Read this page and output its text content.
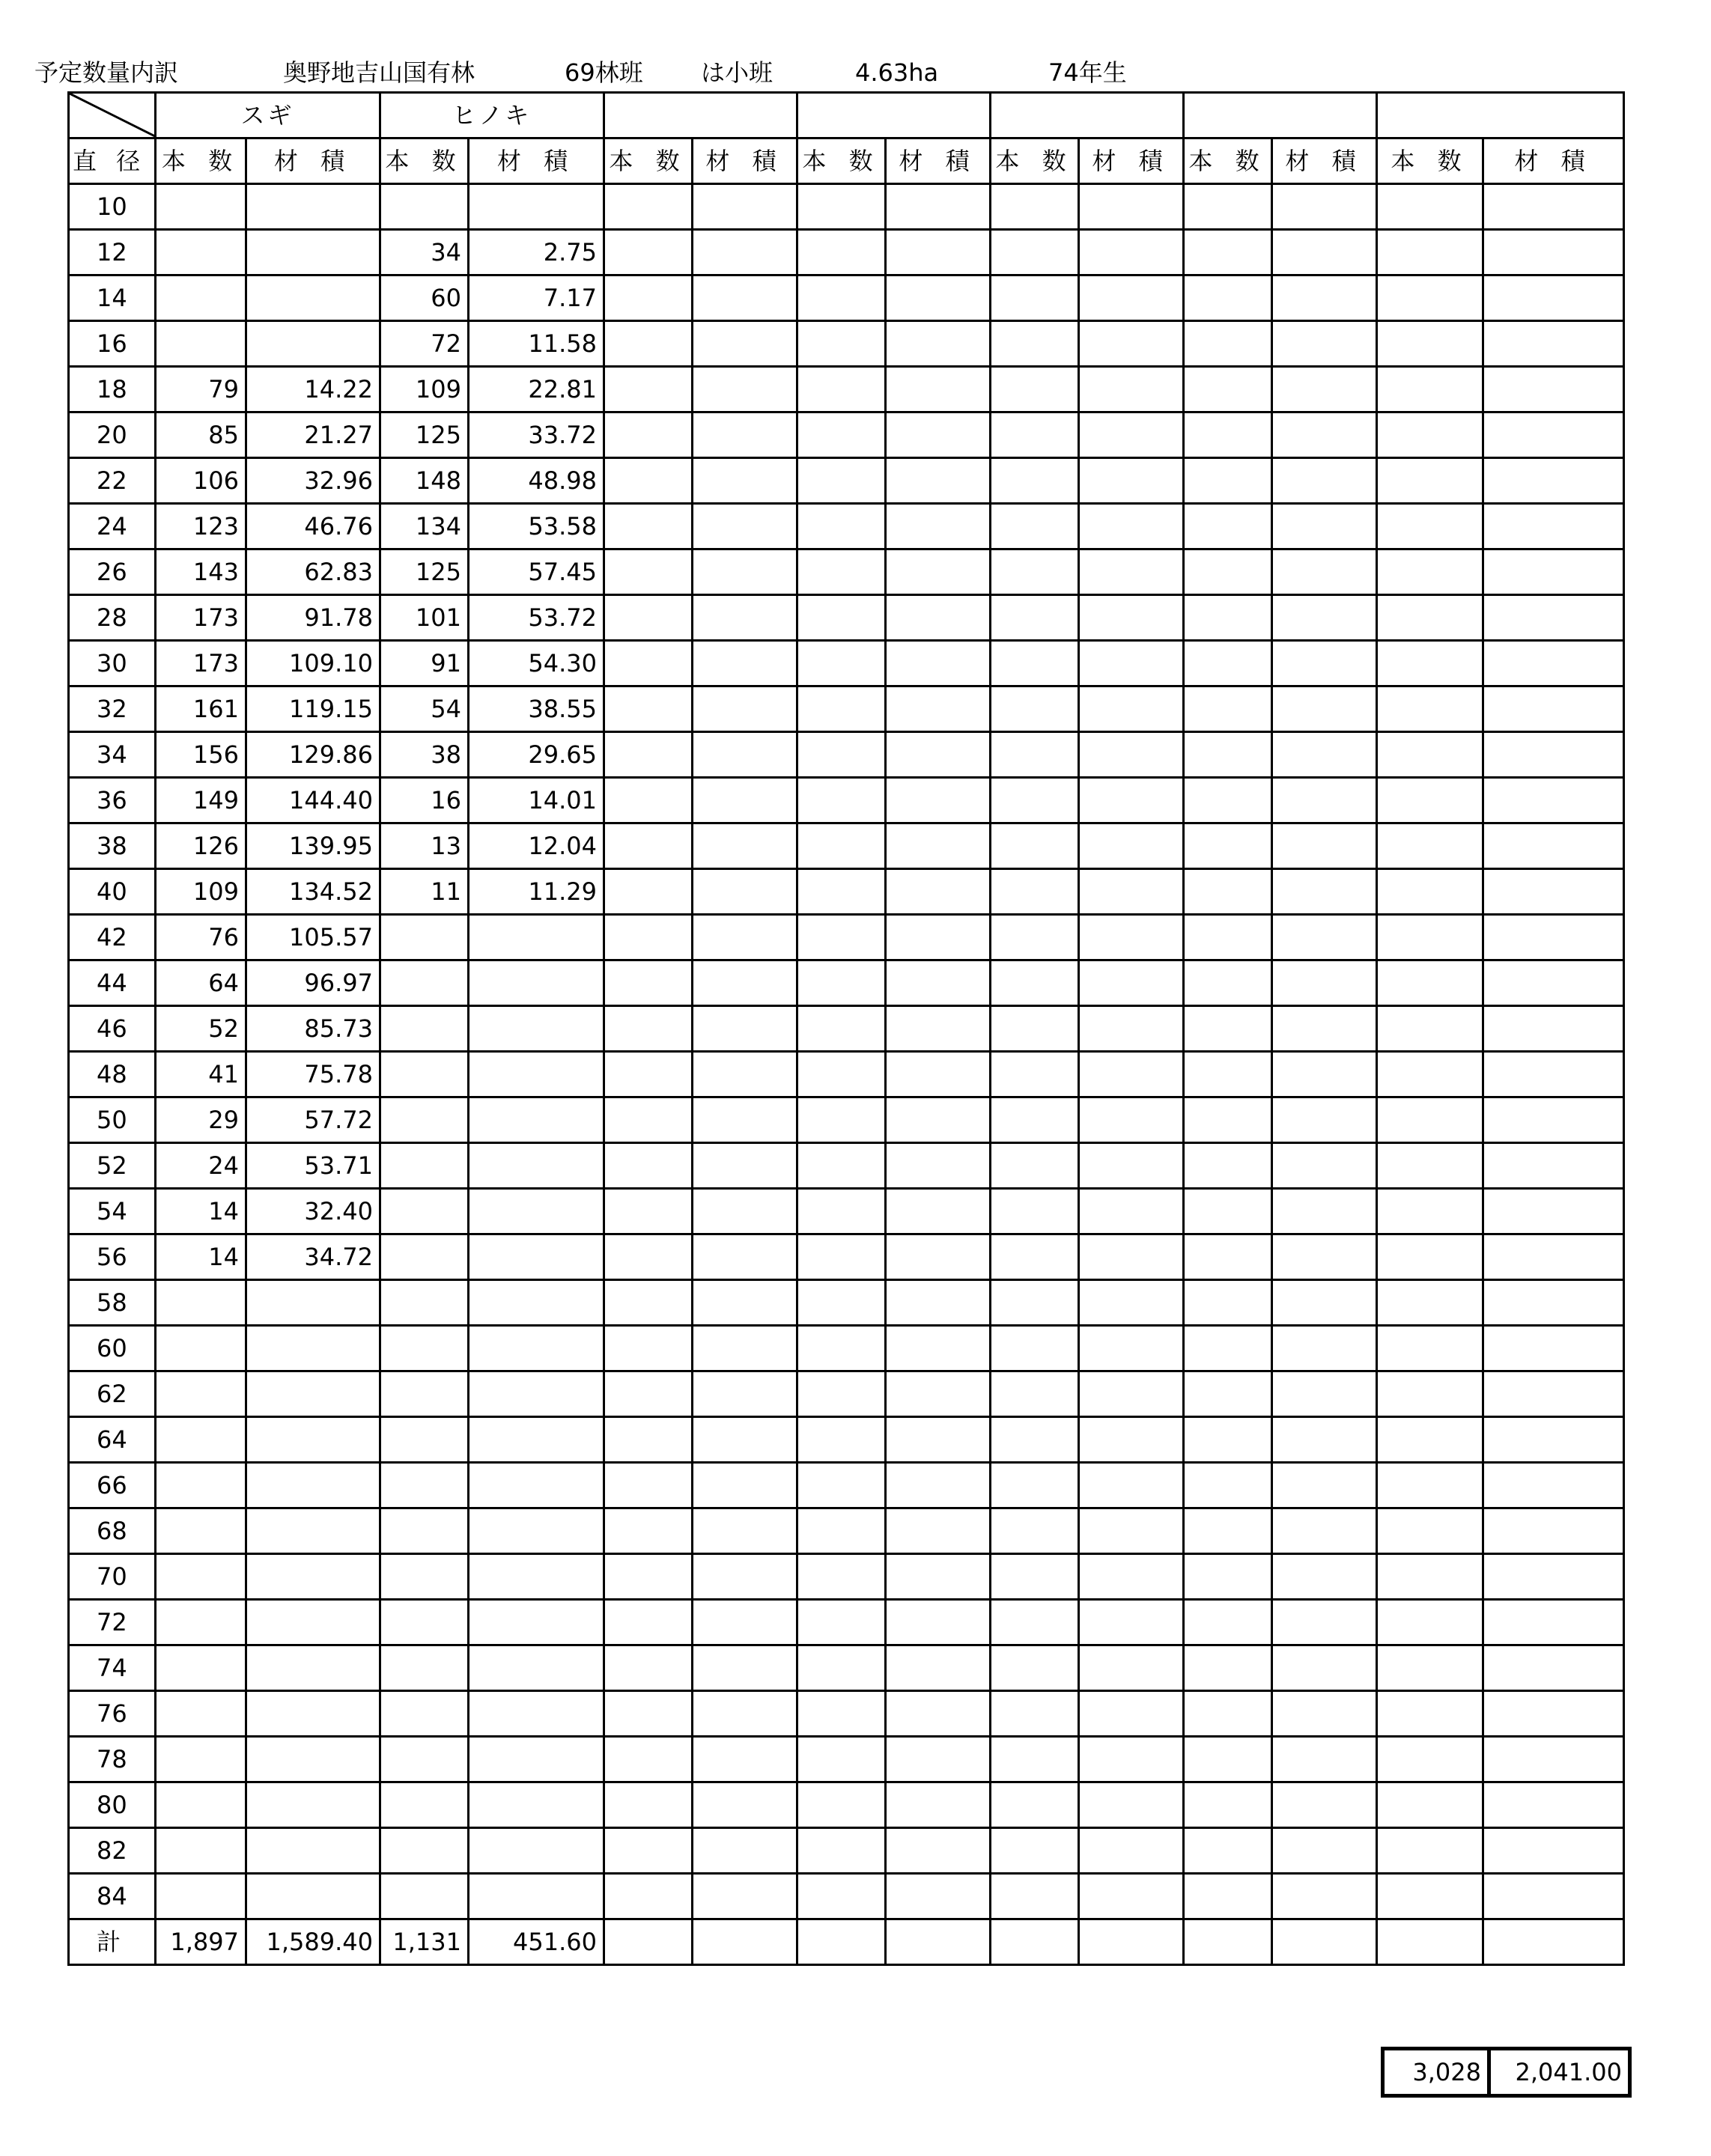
予定数量内訳	奥野地吉山国有林	69林班 は小班	4.63ha	74年生
	スギ		ヒノキ											
直 径	本 数	材 積	本 数	材 積	本 数	材 積	本 数	材 積	本 数	材 積	本 数	材 積	本 数	材 積
10														
12			34	2.75										
14			60	7.17										
16			72	11.58										
18	79	14.22	109	22.81										
20	85	21.27	125	33.72										
22	106	32.96	148	48.98										
24	123	46.76	134	53.58										
26	143	62.83	125	57.45										
28	173	91.78	101	53.72										
30	173	109.10	91	54.30										
32	161	119.15	54	38.55										
34	156	129.86	38	29.65										
36	149	144.40	16	14.01										
38	126	139.95	13	12.04										
40	109	134.52	11	11.29										
42	76	105.57												
44	64	96.97												
46	52	85.73												
48	41	75.78												
50	29	57.72												
52	24	53.71												
54	14	32.40												
56	14	34.72												
58														
60														
62														
64														
66														
68														
70														
72														
74														
76														
78														
80														
82														
84														
計	1,897	1,589.40	1,131	451.60										
3,028	2,041.00
